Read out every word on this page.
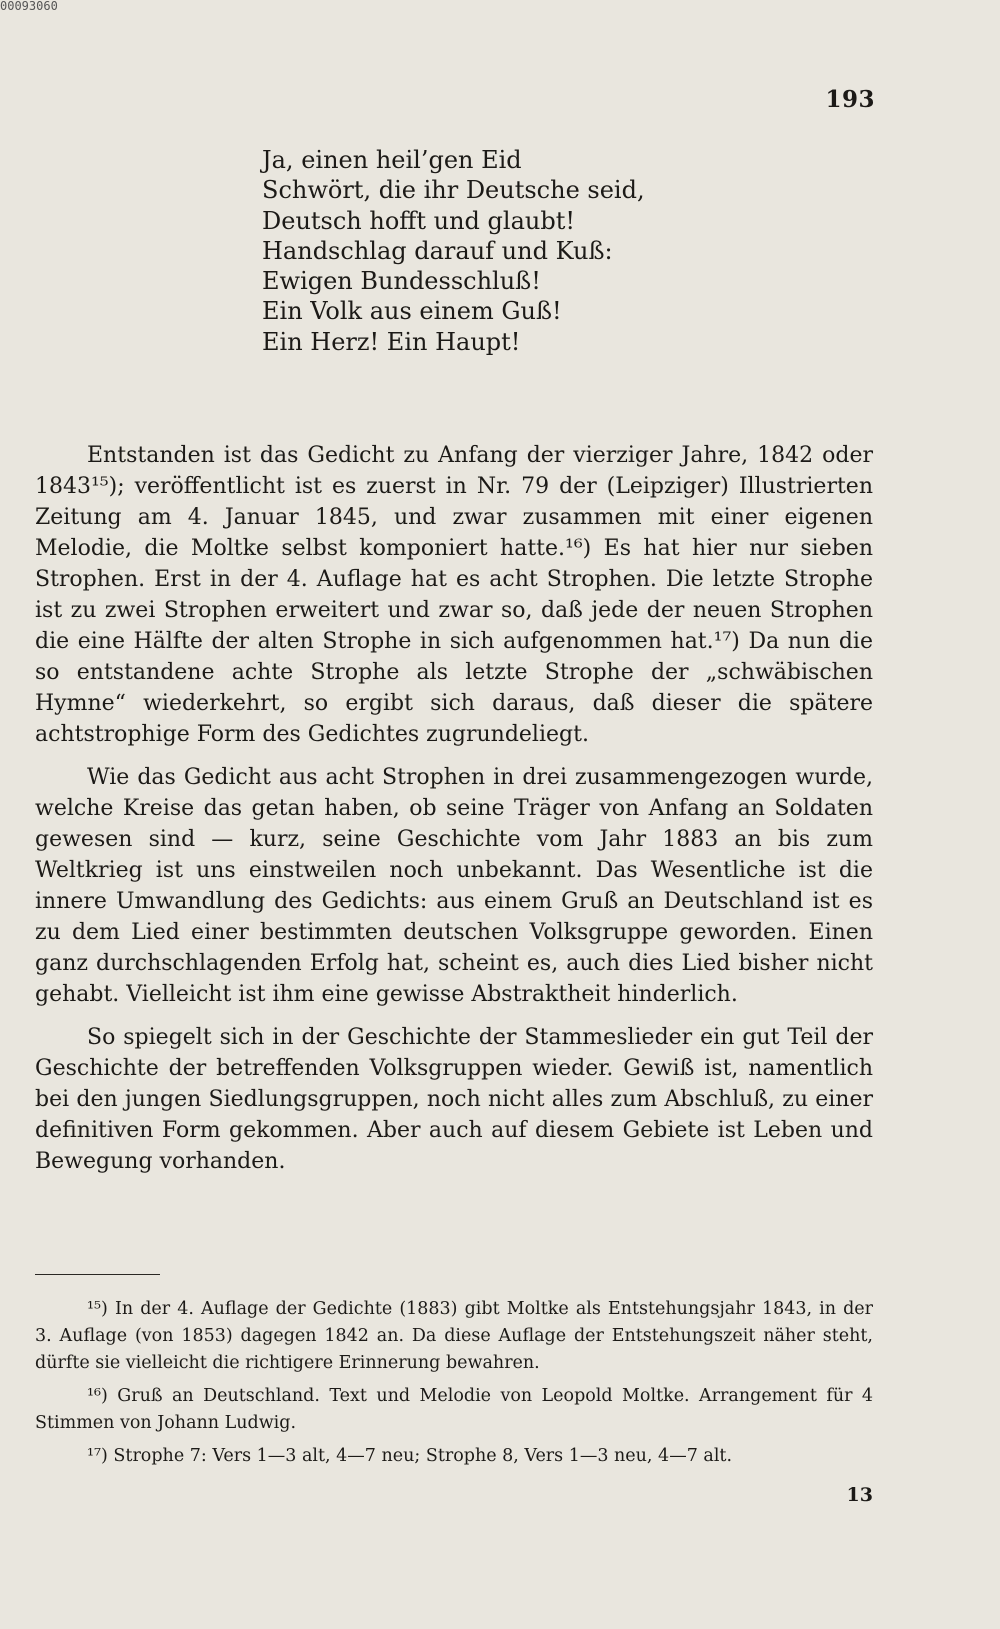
00093060
193
Ja, einen heil’gen Eid
Schwört, die ihr Deutsche seid,
Deutsch hofft und glaubt!
Handschlag darauf und Kuß:
Ewigen Bundesschluß!
Ein Volk aus einem Guß!
Ein Herz! Ein Haupt!

Entstanden ist das Gedicht zu Anfang der vierziger Jahre, 1842 oder 1843¹⁵); veröffentlicht ist es zuerst in Nr. 79 der (Leipziger) Illustrierten Zeitung am 4. Januar 1845, und zwar zusammen mit einer eigenen Melodie, die Moltke selbst komponiert hatte.¹⁶) Es hat hier nur sieben Strophen. Erst in der 4. Auflage hat es acht Strophen. Die letzte Strophe ist zu zwei Strophen erweitert und zwar so, daß jede der neuen Strophen die eine Hälfte der alten Strophe in sich aufgenommen hat.¹⁷) Da nun die so entstandene achte Strophe als letzte Strophe der „schwäbischen Hymne“ wiederkehrt, so ergibt sich daraus, daß dieser die spätere achtstrophige Form des Gedichtes zugrundeliegt.

Wie das Gedicht aus acht Strophen in drei zusammengezogen wurde, welche Kreise das getan haben, ob seine Träger von Anfang an Soldaten gewesen sind — kurz, seine Geschichte vom Jahr 1883 an bis zum Weltkrieg ist uns einstweilen noch unbekannt. Das Wesentliche ist die innere Umwandlung des Gedichts: aus einem Gruß an Deutschland ist es zu dem Lied einer bestimmten deutschen Volksgruppe geworden. Einen ganz durchschlagenden Erfolg hat, scheint es, auch dies Lied bisher nicht gehabt. Vielleicht ist ihm eine gewisse Abstraktheit hinderlich.

So spiegelt sich in der Geschichte der Stammeslieder ein gut Teil der Geschichte der betreffenden Volksgruppen wieder. Gewiß ist, namentlich bei den jungen Siedlungsgruppen, noch nicht alles zum Abschluß, zu einer definitiven Form gekommen. Aber auch auf diesem Gebiete ist Leben und Bewegung vorhanden.

¹⁵) In der 4. Auflage der Gedichte (1883) gibt Moltke als Entstehungsjahr 1843, in der 3. Auflage (von 1853) dagegen 1842 an. Da diese Auflage der Entstehungszeit näher steht, dürfte sie vielleicht die richtigere Erinnerung bewahren.

¹⁶) Gruß an Deutschland. Text und Melodie von Leopold Moltke. Arrangement für 4 Stimmen von Johann Ludwig.

¹⁷) Strophe 7: Vers 1—3 alt, 4—7 neu; Strophe 8, Vers 1—3 neu, 4—7 alt.

13
